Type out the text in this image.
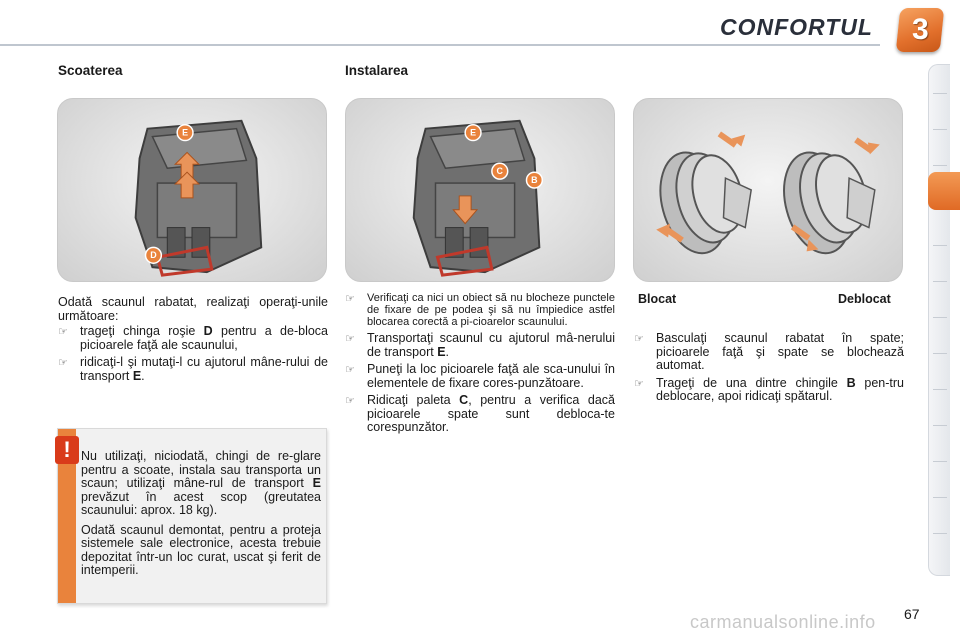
CONFORTUL 3
Scoaterea	Instalarea
E
D
E
C
B

Odată scaunul rabatat, realizaţi operaţi-unile următoare:

☞ trageţi chinga roşie D pentru a de-bloca picioarele faţă ale scaunului,
☞ ridicaţi-l şi mutaţi-l cu ajutorul mâne-rului de transport E.
☞	Verificaţi ca nici un obiect să nu blocheze punctele de fixare de pe podea şi să nu împiedice astfel blocarea corectă a pi-cioarelor scaunului.
☞ Transportaţi scaunul cu ajutorul mâ-nerului de transport E.
☞ Puneţi la loc picioarele faţă ale sca-unului în elementele de fixare cores-punzătoare.
☞ Ridicaţi paleta C, pentru a verifica dacă picioarele spate sunt debloca-te corespunzător.
Blocat	Deblocat
☞ Basculaţi scaunul rabatat în spate; picioarele faţă şi spate se blochează automat.
☞ Trageţi de una dintre chingile B pen-tru deblocare, apoi ridicaţi spătarul.
! Nu utilizaţi, niciodată, chingi de re-glare pentru a scoate, instala sau transporta un scaun; utilizaţi mâne-rul de transport E prevăzut în acest scop (greutatea scaunului: aprox. 18 kg).

Odată scaunul demontat, pentru a proteja sistemele sale electronice, acesta trebuie depozitat într-un loc curat, uscat şi ferit de intemperii.

carmanualsonline.info 67
